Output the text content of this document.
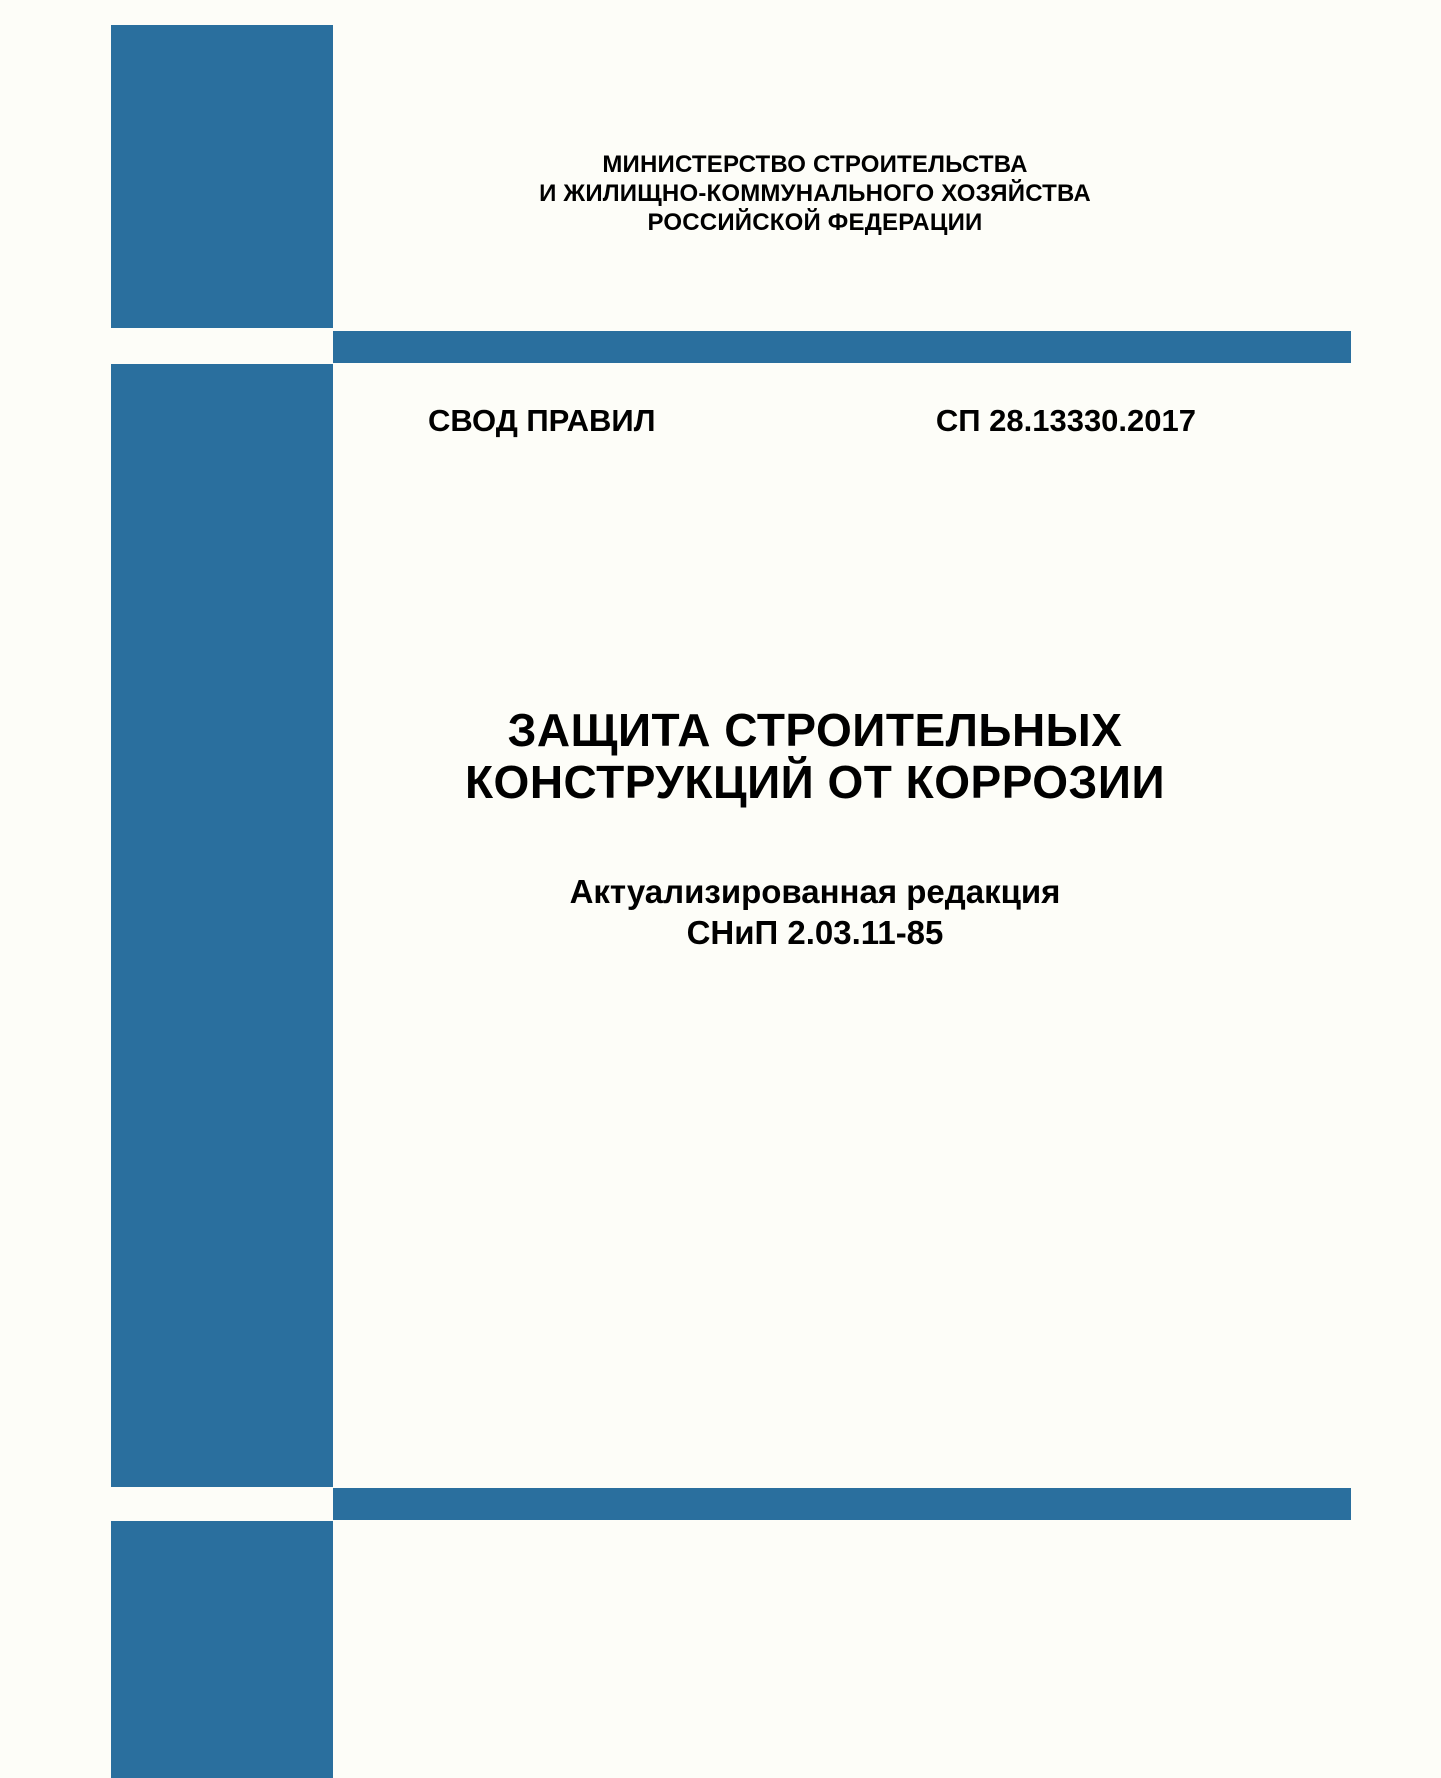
МИНИСТЕРСТВО СТРОИТЕЛЬСТВА
И ЖИЛИЩНО-КОММУНАЛЬНОГО ХОЗЯЙСТВА
РОССИЙСКОЙ ФЕДЕРАЦИИ
СВОД ПРАВИЛ	СП 28.13330.2017
ЗАЩИТА СТРОИТЕЛЬНЫХ
КОНСТРУКЦИЙ ОТ КОРРОЗИИ
Актуализированная редакция
СНиП 2.03.11-85
